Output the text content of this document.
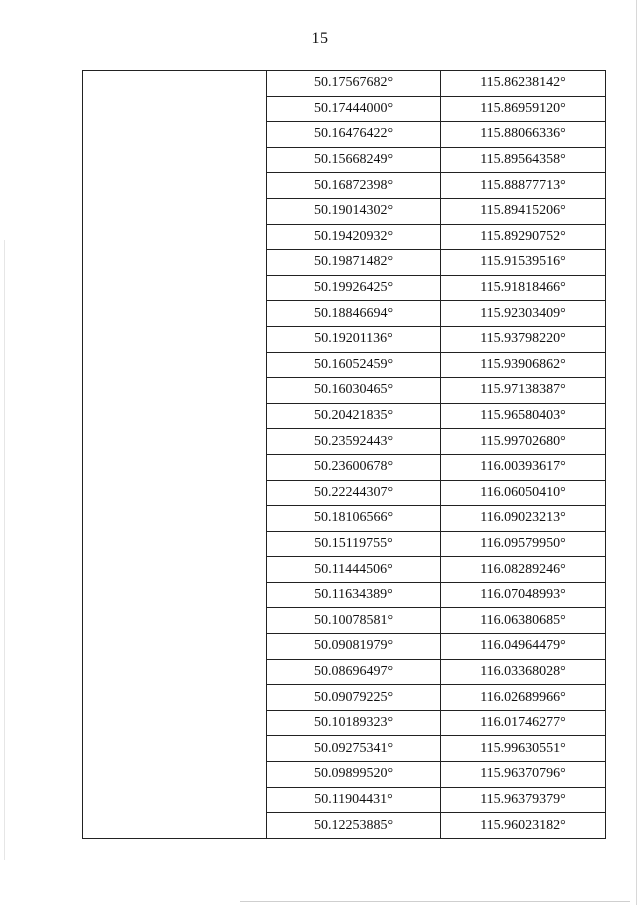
15
	50.17567682°	115.86238142°
	50.17444000°	115.86959120°
	50.16476422°	115.88066336°
	50.15668249°	115.89564358°
	50.16872398°	115.88877713°
	50.19014302°	115.89415206°
	50.19420932°	115.89290752°
	50.19871482°	115.91539516°
	50.19926425°	115.91818466°
	50.18846694°	115.92303409°
	50.19201136°	115.93798220°
	50.16052459°	115.93906862°
	50.16030465°	115.97138387°
	50.20421835°	115.96580403°
	50.23592443°	115.99702680°
	50.23600678°	116.00393617°
	50.22244307°	116.06050410°
	50.18106566°	116.09023213°
	50.15119755°	116.09579950°
	50.11444506°	116.08289246°
	50.11634389°	116.07048993°
	50.10078581°	116.06380685°
	50.09081979°	116.04964479°
	50.08696497°	116.03368028°
	50.09079225°	116.02689966°
	50.10189323°	116.01746277°
	50.09275341°	115.99630551°
	50.09899520°	115.96370796°
	50.11904431°	115.96379379°
	50.12253885°	115.96023182°
